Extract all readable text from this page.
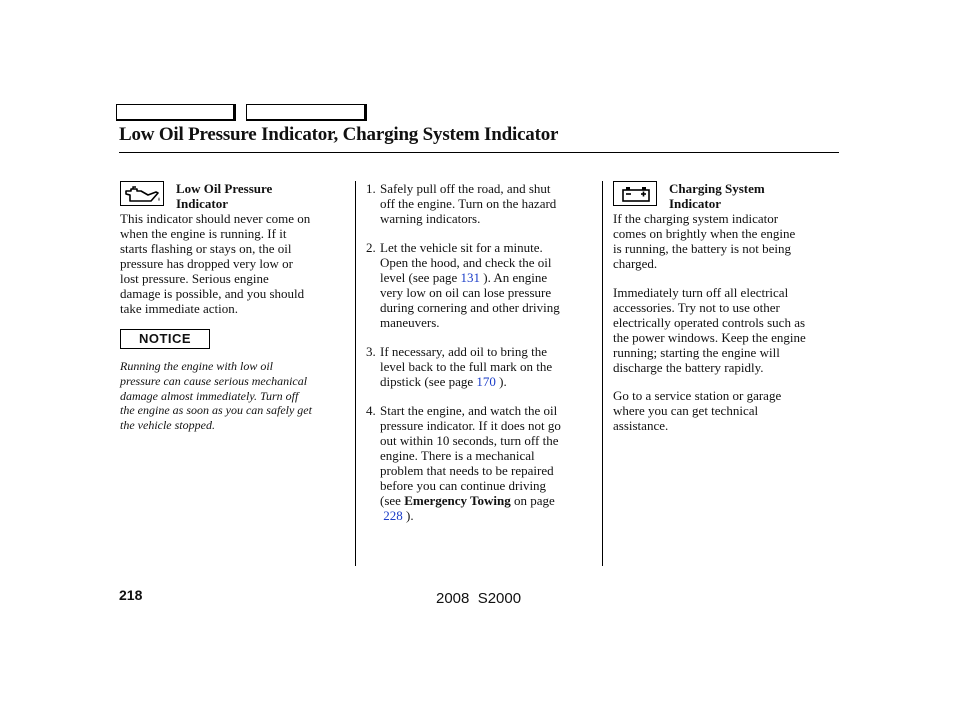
Low Oil Pressure Indicator, Charging System Indicator
Low Oil Pressure
Indicator
This indicator should never come on
when the engine is running. If it
starts flashing or stays on, the oil
pressure has dropped very low or
lost pressure. Serious engine
damage is possible, and you should
take immediate action.
NOTICE
Running the engine with low oil
pressure can cause serious mechanical
damage almost immediately. Turn off
the engine as soon as you can safely get
the vehicle stopped.
1. Safely pull off the road, and shut
off the engine. Turn on the hazard
warning indicators.
2. Let the vehicle sit for a minute.
Open the hood, and check the oil
level (see page 131 ). An engine
very low on oil can lose pressure
during cornering and other driving
maneuvers.
3. If necessary, add oil to bring the
level back to the full mark on the
dipstick (see page 170 ).
4. Start the engine, and watch the oil
pressure indicator. If it does not go
out within 10 seconds, turn off the
engine. There is a mechanical
problem that needs to be repaired
before you can continue driving
(see Emergency Towing on page
228 ).
Charging System
Indicator
If the charging system indicator
comes on brightly when the engine
is running, the battery is not being
charged.
Immediately turn off all electrical
accessories. Try not to use other
electrically operated controls such as
the power windows. Keep the engine
running; starting the engine will
discharge the battery rapidly.
Go to a service station or garage
where you can get technical
assistance.
218	2008  S2000
